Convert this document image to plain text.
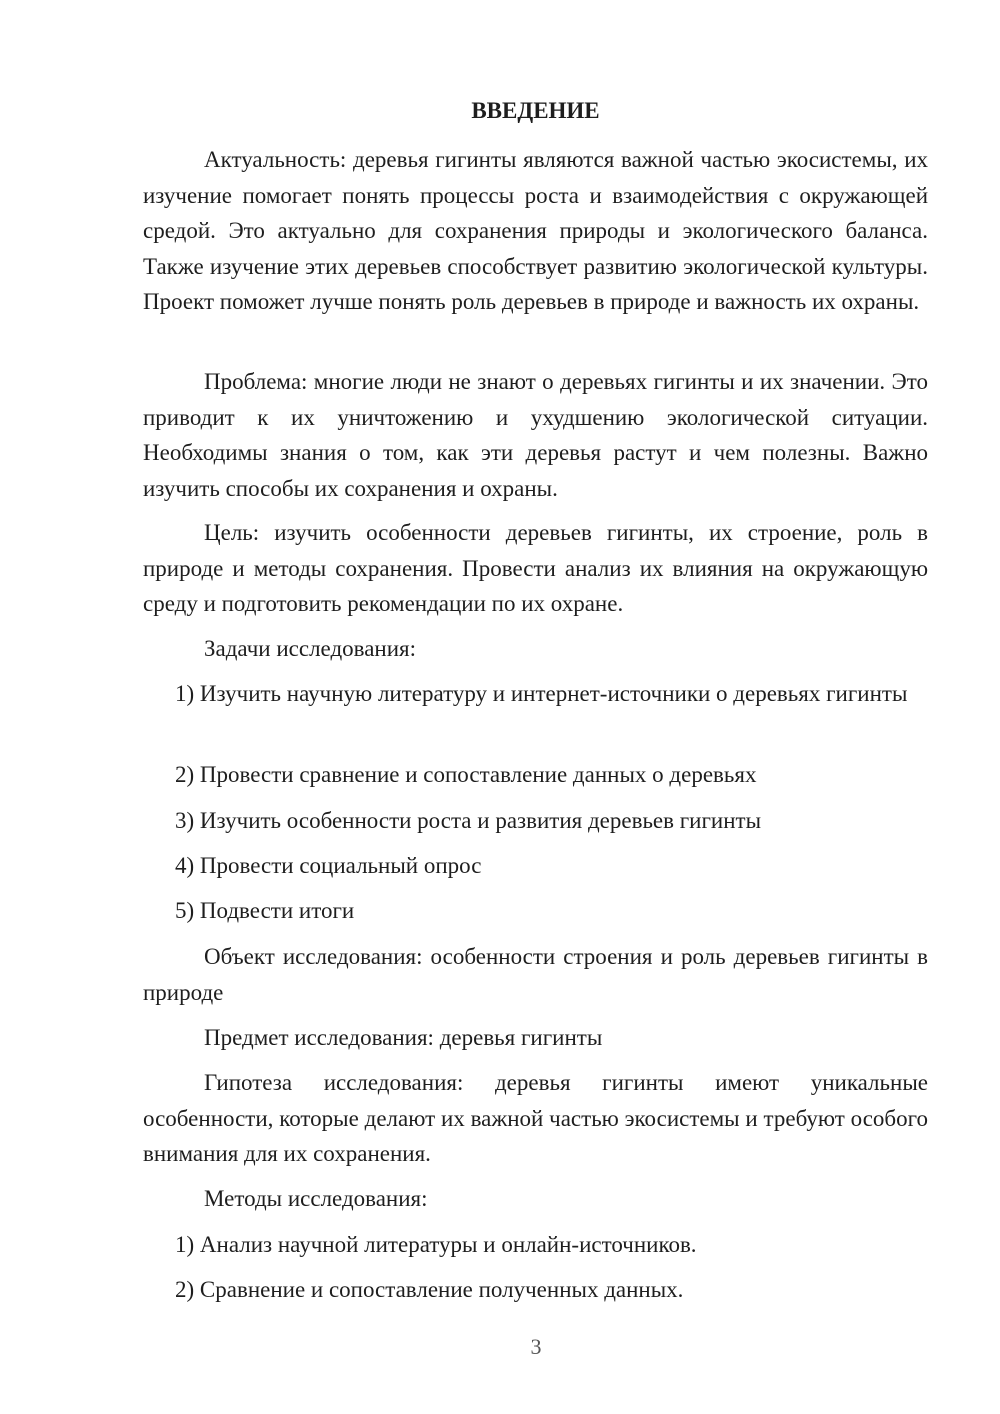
ВВЕДЕНИЕ

Актуальность: деревья гигинты являются важной частью экосистемы, их изучение помогает понять процессы роста и взаимодействия с окружающей средой. Это актуально для сохранения природы и экологического баланса. Также изучение этих деревьев способствует развитию экологической культуры. Проект поможет лучше понять роль деревьев в природе и важность их охраны.

Проблема: многие люди не знают о деревьях гигинты и их значении. Это приводит к их уничтожению и ухудшению экологической ситуации. Необходимы знания о том, как эти деревья растут и чем полезны. Важно изучить способы их сохранения и охраны.

Цель: изучить особенности деревьев гигинты, их строение, роль в природе и методы сохранения. Провести анализ их влияния на окружающую среду и подготовить рекомендации по их охране.

Задачи исследования:

1) Изучить научную литературу и интернет-источники о деревьях гигинты

2) Провести сравнение и сопоставление данных о деревьях

3) Изучить особенности роста и развития деревьев гигинты

4) Провести социальный опрос

5) Подвести итоги

Объект исследования: особенности строения и роль деревьев гигинты в природе

Предмет исследования: деревья гигинты

Гипотеза исследования: деревья гигинты имеют уникальные особенности, которые делают их важной частью экосистемы и требуют особого внимания для их сохранения.

Методы исследования:

1) Анализ научной литературы и онлайн-источников.

2) Сравнение и сопоставление полученных данных.

3
